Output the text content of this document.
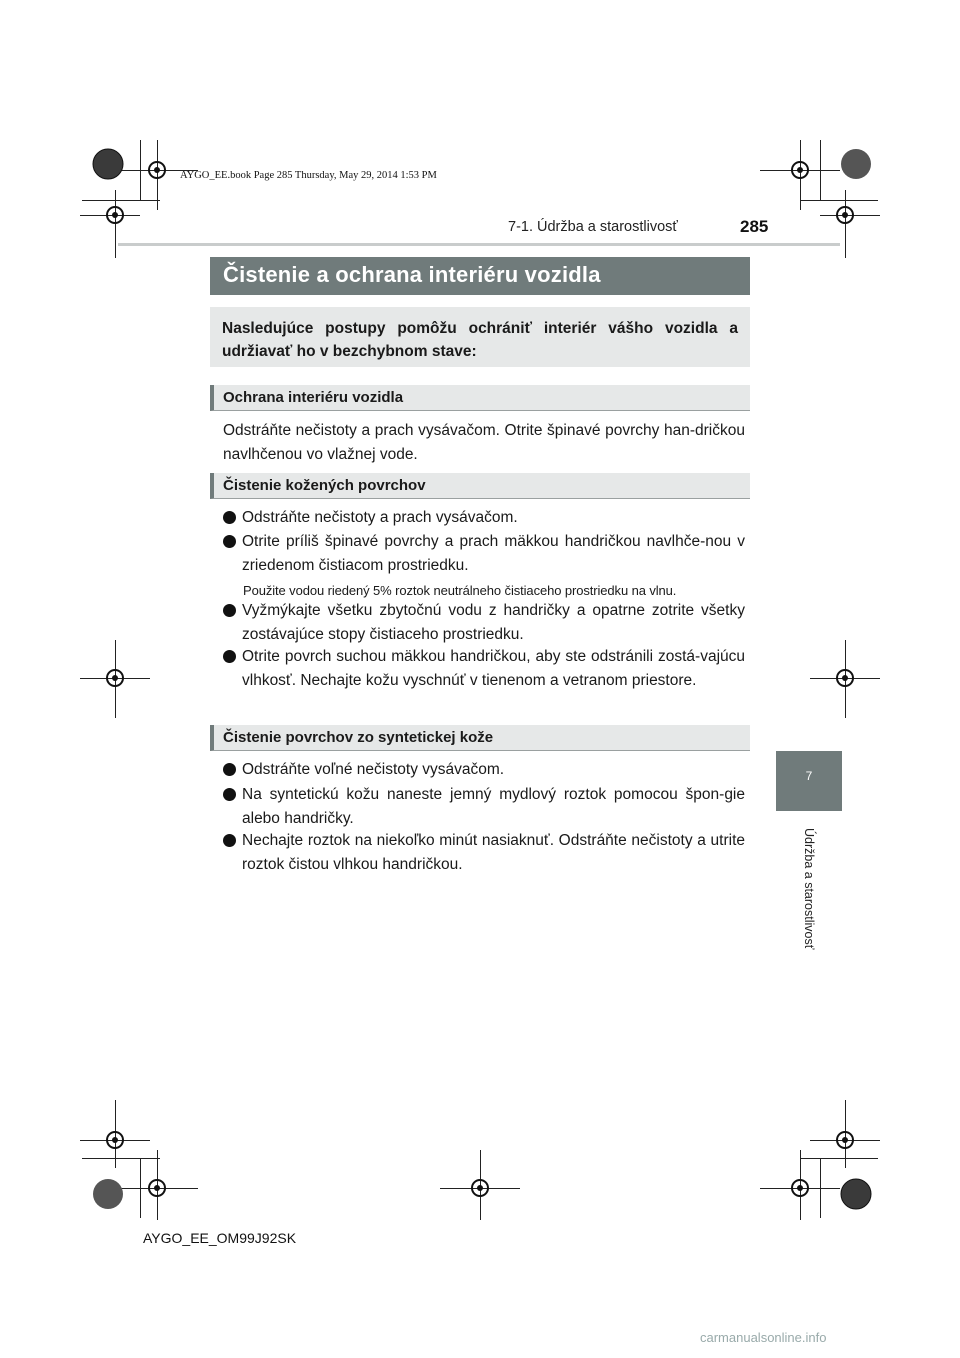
AYGO_EE.book Page 285 Thursday, May 29, 2014 1:53 PM
7-1. Údržba a starostlivosť	285
7
Údržba a starostlivosť
Čistenie a ochrana interiéru vozidla
Nasledujúce postupy pomôžu ochrániť interiér vášho vozidla a udržiavať ho v bezchybnom stave:
Ochrana interiéru vozidla
Odstráňte nečistoty a prach vysávačom. Otrite špinavé povrchy han-dričkou navlhčenou vo vlažnej vode.
Čistenie kožených povrchov
Odstráňte nečistoty a prach vysávačom.
Otrite príliš špinavé povrchy a prach mäkkou handričkou navlhče-nou v zriedenom čistiacom prostriedku.
Použite vodou riedený 5% roztok neutrálneho čistiaceho prostriedku na vlnu.
Vyžmýkajte všetku zbytočnú vodu z handričky a opatrne zotrite všetky zostávajúce stopy čistiaceho prostriedku.
Otrite povrch suchou mäkkou handričkou, aby ste odstránili zostá-vajúcu vlhkosť. Nechajte kožu vyschnúť v tienenom a vetranom priestore.
Čistenie povrchov zo syntetickej kože
Odstráňte voľné nečistoty vysávačom.
Na syntetickú kožu naneste jemný mydlový roztok pomocou špon-gie alebo handričky.
Nechajte roztok na niekoľko minút nasiaknuť. Odstráňte nečistoty a utrite roztok čistou vlhkou handričkou.
AYGO_EE_OM99J92SK
carmanualsonline.info
